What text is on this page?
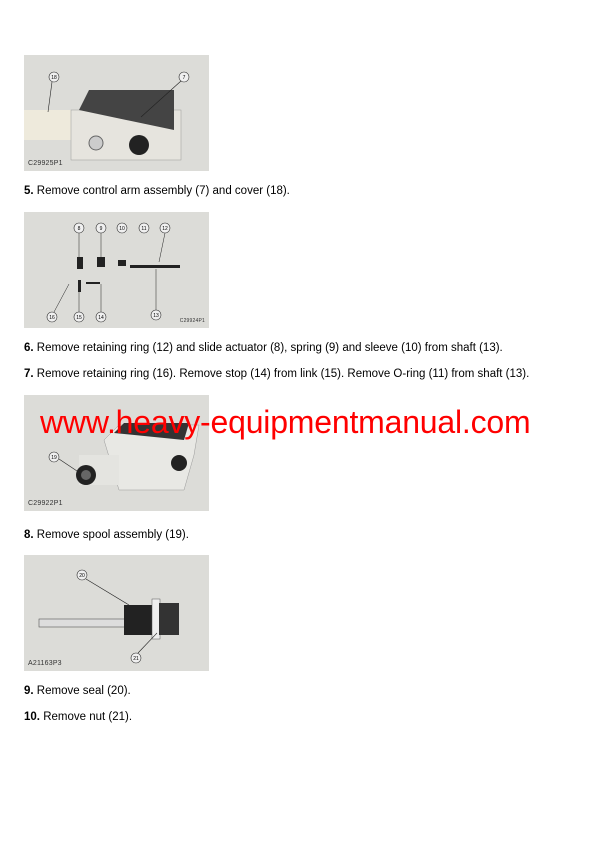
18	7
C29925P1
5. Remove control arm assembly (7) and cover (18).
8	9	10	11	12
16	15	14	13
C29924P1
6. Remove retaining ring (12) and slide actuator (8), spring (9) and sleeve (10) from shaft (13).
7. Remove retaining ring (16). Remove stop (14) from link (15). Remove O-ring (11) from shaft (13).
19
C29922P1
8. Remove spool assembly (19).
20
21
A21163P3
9. Remove seal (20).
10. Remove nut (21).
www.heavy-equipmentmanual.com
